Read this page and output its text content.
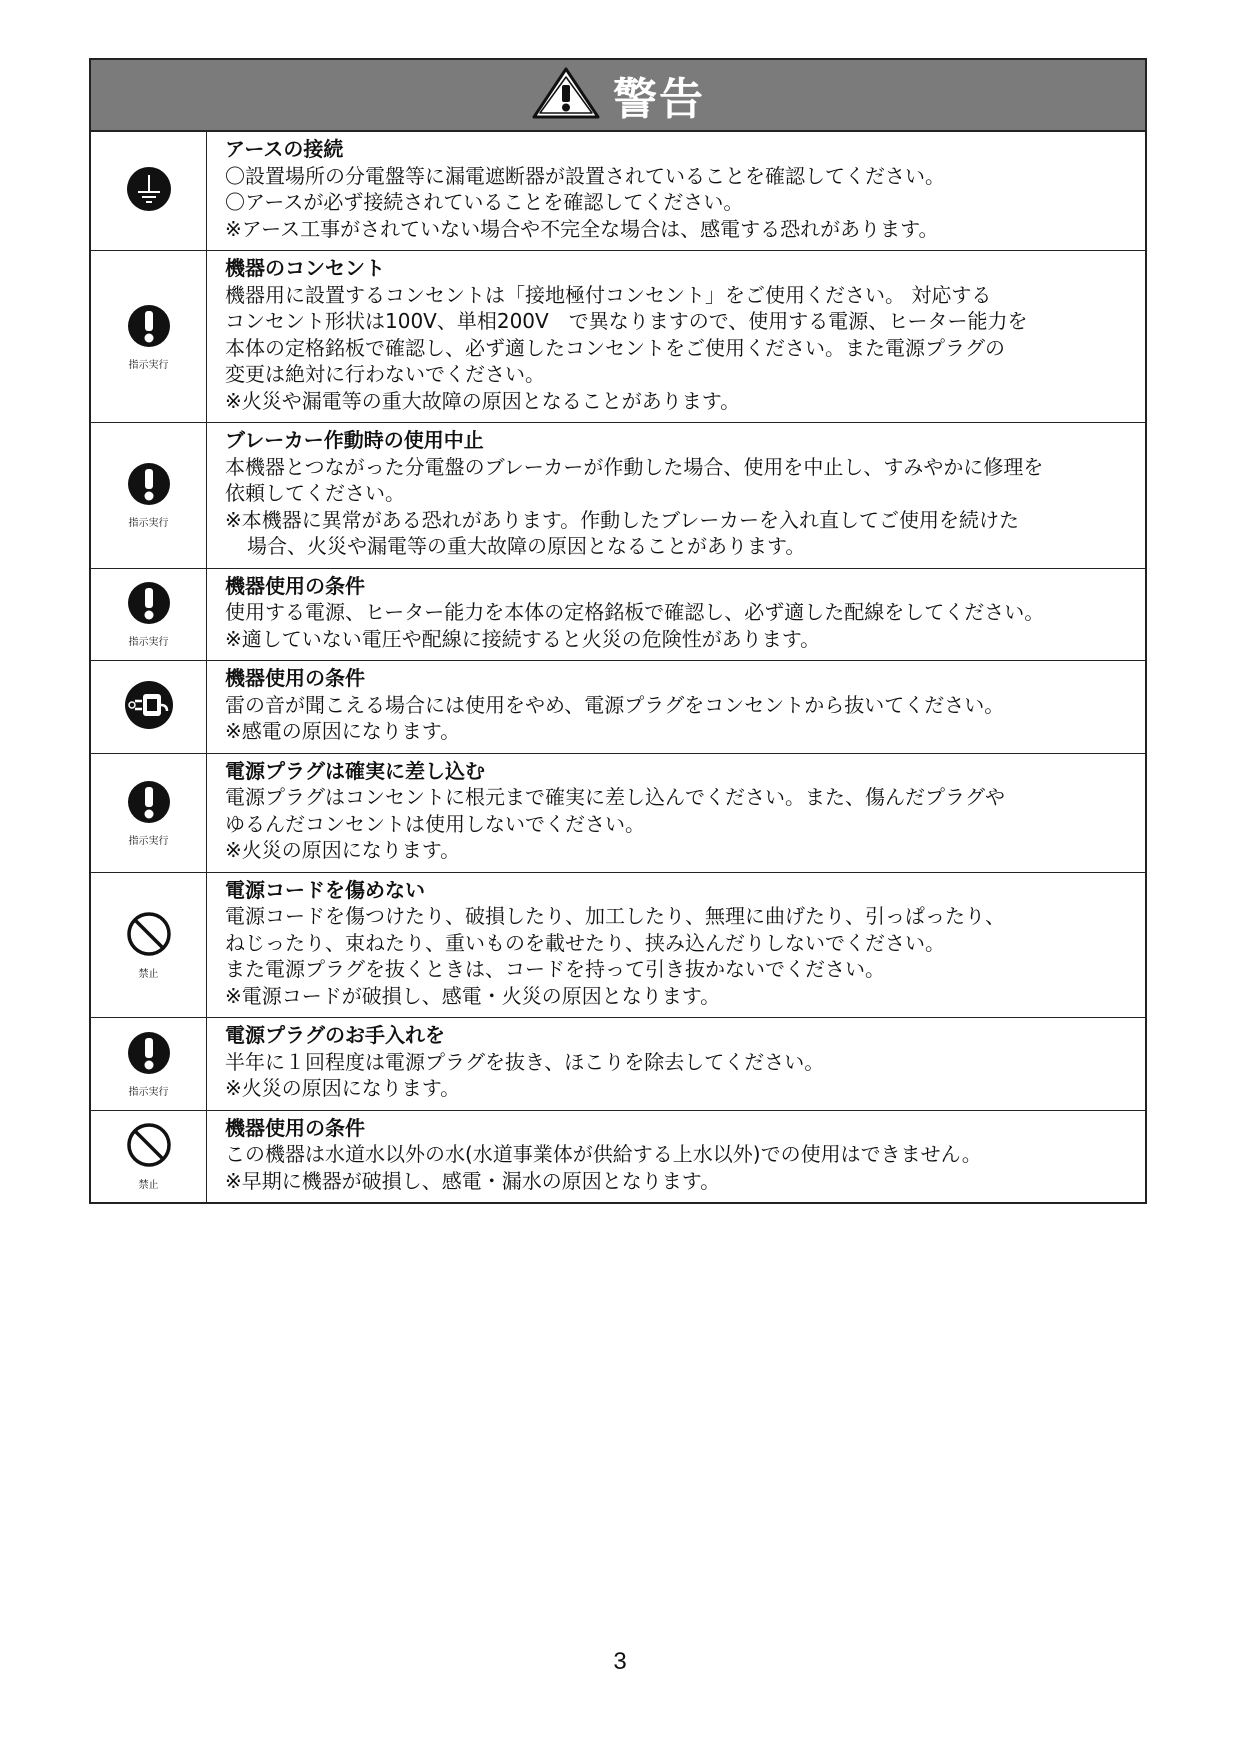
警告
アースの接続
〇設置場所の分電盤等に漏電遮断器が設置されていることを確認してください。
〇アースが必ず接続されていることを確認してください。
※アース工事がされていない場合や不完全な場合は、感電する恐れがあります。
指示実行
機器のコンセント
機器用に設置するコンセントは「接地極付コンセント」をご使用ください。 対応する
コンセント形状は100V、単相200V　で異なりますので、使用する電源、ヒーター能力を
本体の定格銘板で確認し、必ず適したコンセントをご使用ください。また電源プラグの
変更は絶対に行わないでください。
※火災や漏電等の重大故障の原因となることがあります。
指示実行
ブレーカー作動時の使用中止
本機器とつながった分電盤のブレーカーが作動した場合、使用を中止し、すみやかに修理を
依頼してください。
※本機器に異常がある恐れがあります。作動したブレーカーを入れ直してご使用を続けた
場合、火災や漏電等の重大故障の原因となることがあります。
指示実行
機器使用の条件
使用する電源、ヒーター能力を本体の定格銘板で確認し、必ず適した配線をしてください。
※適していない電圧や配線に接続すると火災の危険性があります。
機器使用の条件
雷の音が聞こえる場合には使用をやめ、電源プラグをコンセントから抜いてください。
※感電の原因になります。
指示実行
電源プラグは確実に差し込む
電源プラグはコンセントに根元まで確実に差し込んでください。また、傷んだプラグや
ゆるんだコンセントは使用しないでください。
※火災の原因になります。
禁止
電源コードを傷めない
電源コードを傷つけたり、破損したり、加工したり、無理に曲げたり、引っぱったり、
ねじったり、束ねたり、重いものを載せたり、挟み込んだりしないでください。
また電源プラグを抜くときは、コードを持って引き抜かないでください。
※電源コードが破損し、感電・火災の原因となります。
指示実行
電源プラグのお手入れを
半年に１回程度は電源プラグを抜き、ほこりを除去してください。
※火災の原因になります。
禁止
機器使用の条件
この機器は水道水以外の水(水道事業体が供給する上水以外)での使用はできません。
※早期に機器が破損し、感電・漏水の原因となります。
3
